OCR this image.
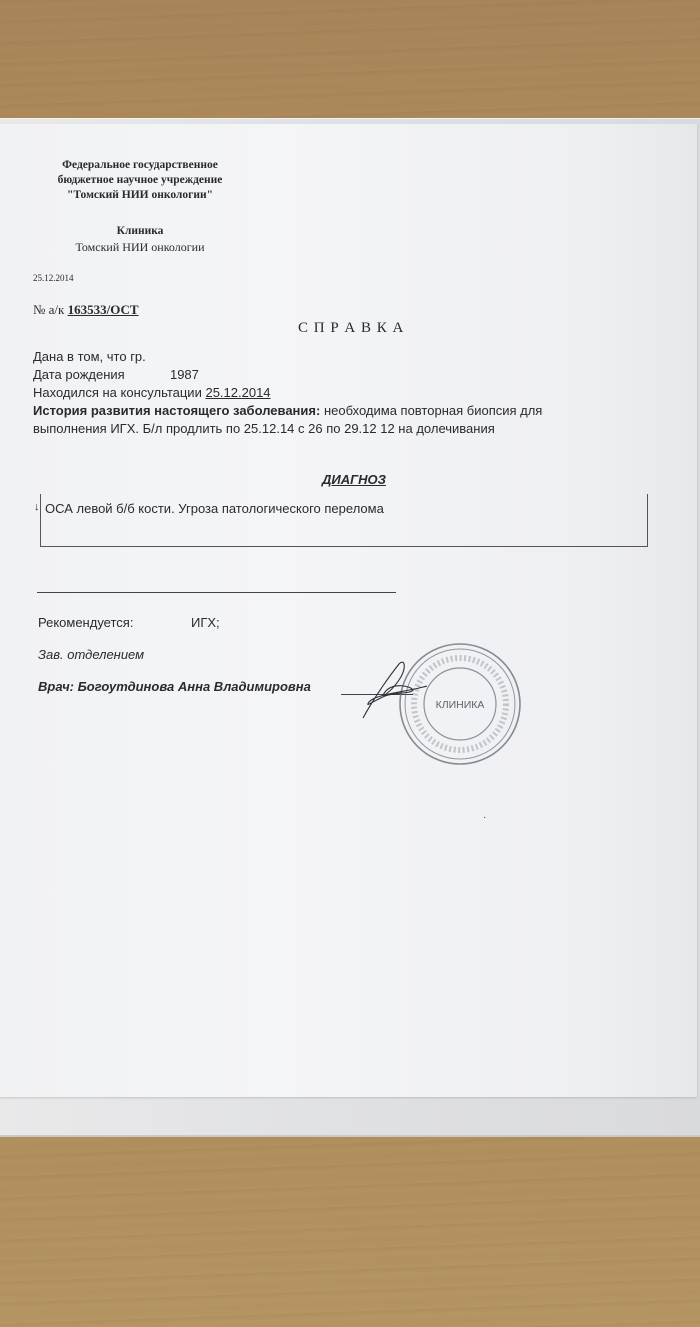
Федеральное государственное
бюджетное научное учреждение
"Томский НИИ онкологии"
Клиника
Томский НИИ онкологии
25.12.2014
№ а/к 163533/ОСТ
С П Р А В К А
Дана в том, что гр.
Дата рождения	1987
Находился на консультации 25.12.2014
История развития настоящего заболевания: необходима повторная биопсия для
выполнения ИГХ. Б/л продлить по 25.12.14 с 26 по 29.12 12 на долечивания
ДИАГНОЗ
↓ ОСА левой б/б кости. Угроза патологического перелома
Рекомендуется:	ИГХ;
Зав. отделением
Врач: Богоутдинова Анна Владимировна
·
КЛИНИКА
